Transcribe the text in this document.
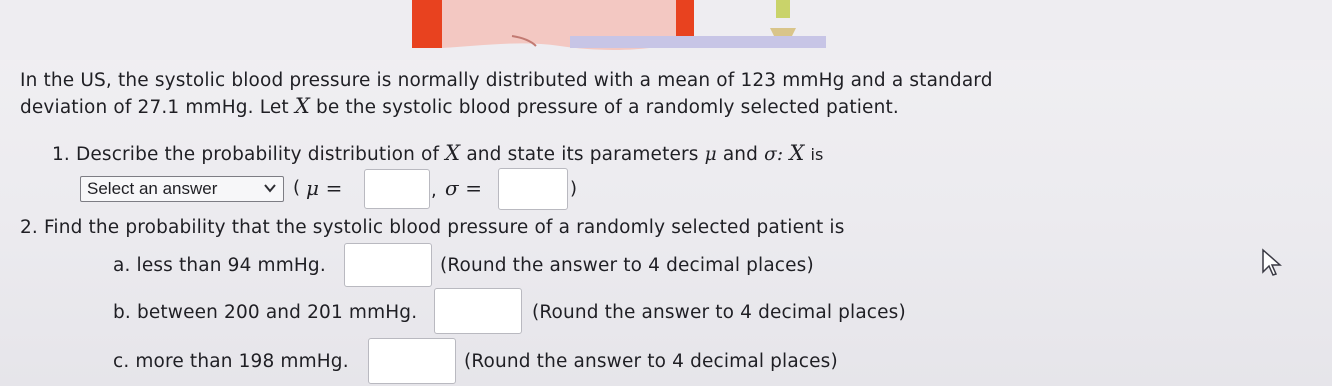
In the US, the systolic blood pressure is normally distributed with a mean of 123 mmHg and a standard
deviation of 27.1 mmHg. Let X be the systolic blood pressure of a randomly selected patient.
1. Describe the probability distribution of X and state its parameters μ and σ: X is
Select an answer	( μ =	, σ =	)
2. Find the probability that the systolic blood pressure of a randomly selected patient is
a. less than 94 mmHg.	(Round the answer to 4 decimal places)
b. between 200 and 201 mmHg.	(Round the answer to 4 decimal places)
c. more than 198 mmHg.	(Round the answer to 4 decimal places)
